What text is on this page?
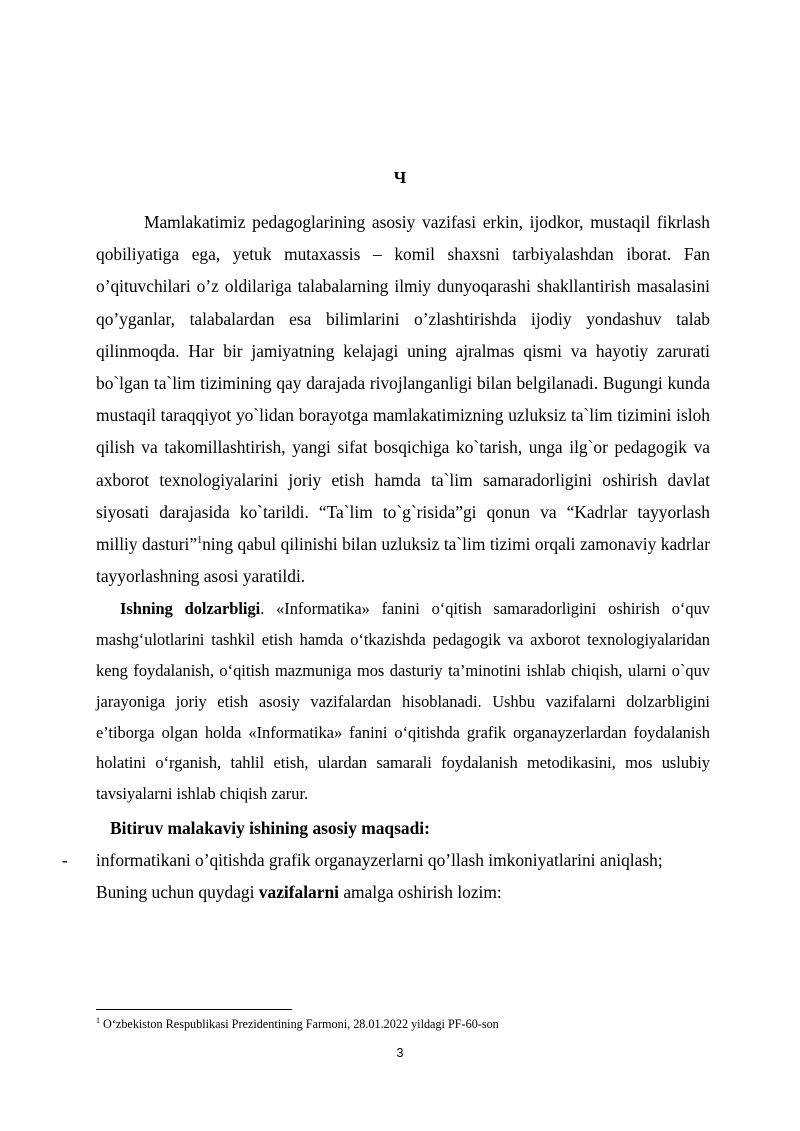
Ч

Mamlakatimiz pedagoglarining asosiy vazifasi erkin, ijodkor, mustaqil fikrlash qobiliyatiga ega, yetuk mutaxassis – komil shaxsni tarbiyalashdan iborat. Fan o’qituvchilari o’z oldilariga talabalarning ilmiy dunyoqarashi shakllantirish masalasini qo’yganlar, talabalardan esa bilimlarini o’zlashtirishda ijodiy yondashuv talab qilinmoqda. Har bir jamiyatning kelajagi uning ajralmas qismi va hayotiy zarurati bo`lgan ta`lim tizimining qay darajada rivojlanganligi bilan belgilanadi. Bugungi kunda mustaqil taraqqiyot yo`lidan borayotga mamlakatimizning uzluksiz ta`lim tizimini isloh qilish va takomillashtirish, yangi sifat bosqichiga ko`tarish, unga ilg`or pedagogik va axborot texnologiyalarini joriy etish hamda ta`lim samaradorligini oshirish davlat siyosati darajasida ko`tarildi. “Ta`lim to`g`risida”gi qonun va “Kadrlar tayyorlash milliy dasturi”$^1$ning qabul qilinishi bilan uzluksiz ta`lim tizimi orqali zamonaviy kadrlar tayyorlashning asosi yaratildi.

Ishning dolzarbligi. «Informatika» fanini o‘qitish samaradorligini oshirish o‘quv mashg‘ulotlarini tashkil etish hamda o‘tkazishda pedagogik va axborot texnologiyalaridan keng foydalanish, o‘qitish mazmuniga mos dasturiy ta’minotini ishlab chiqish, ularni o`quv jarayoniga joriy etish asosiy vazifalardan hisoblanadi. Ushbu vazifalarni dolzarbligini e’tiborga olgan holda «Informatika» fanini o‘qitishda grafik organayzerlardan foydalanish holatini o‘rganish, tahlil etish, ulardan samarali foydalanish metodikasini, mos uslubiy tavsiyalarni ishlab chiqish zarur.

Bitiruv malakaviy ishining asosiy maqsadi:

- informatikani o’qitishda grafik organayzerlarni qo’llash imkoniyatlarini aniqlash;

Buning uchun quydagi vazifalarni amalga oshirish lozim:

$^1$ O‘zbekiston Respublikasi Prezidentining Farmoni, 28.01.2022 yildagi PF-60-son
3
